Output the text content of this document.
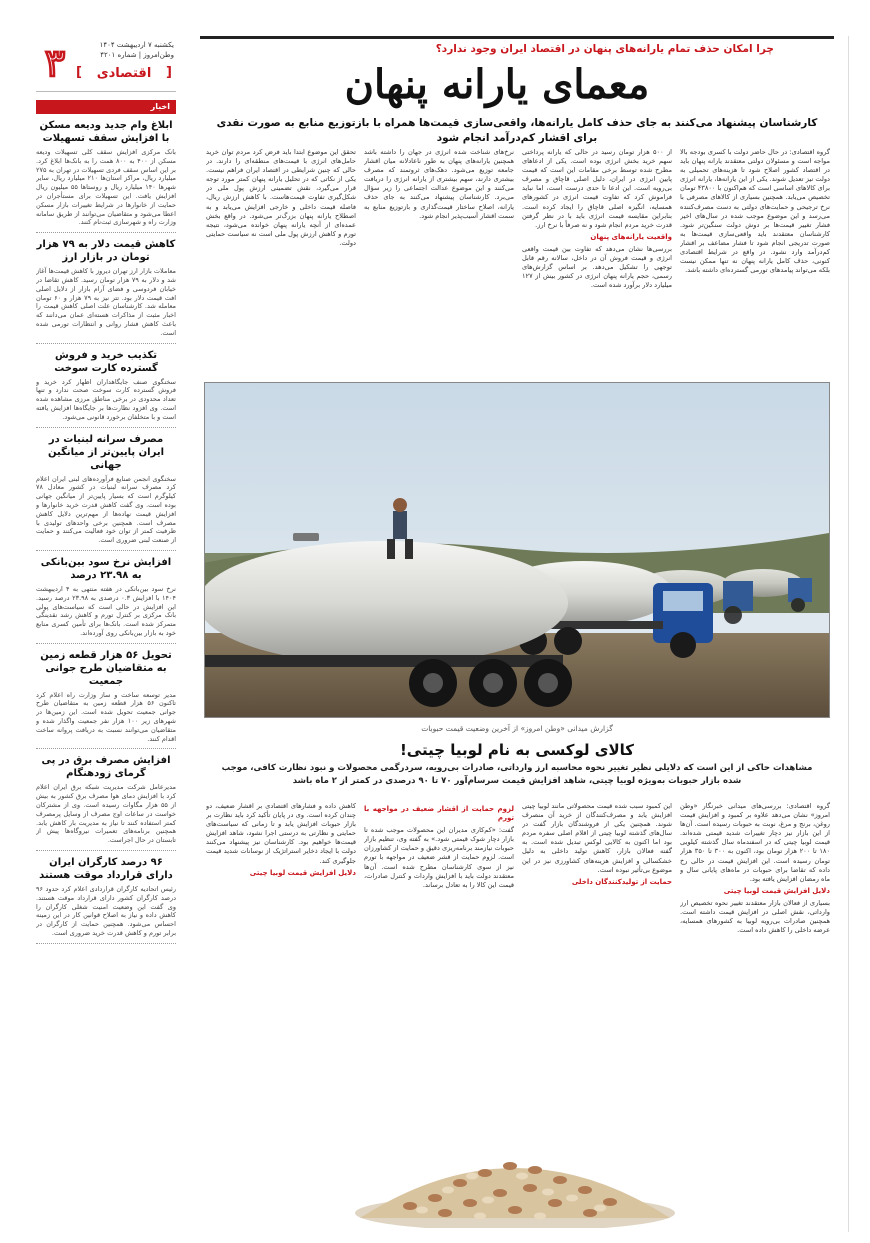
۳	یکشنبه ۷ اردیبهشت ۱۴۰۴
وطن‌امروز | شماره ۴۲۰۱
[ اقتصادی ]
اخبار
ابلاغ وام جدید ودیعه مسکن با افزایش سقف تسهیلات
بانک مرکزی افزایش سقف کلی تسهیلات ودیعه مسکن از ۴۰۰ به ۸۰۰ همت را به بانک‌ها ابلاغ کرد. بر این اساس سقف فردی تسهیلات در تهران به ۲۷۵ میلیارد ریال، مراکز استان‌ها ۲۱۰ میلیارد ریال، سایر شهرها ۱۴۰ میلیارد ریال و روستاها ۵۵ میلیون ریال افزایش یافت. این تسهیلات برای مستأجران در حمایت از خانوارها در شرایط تغییرات بازار مسکن اعطا می‌شود و متقاضیان می‌توانند از طریق سامانه وزارت راه و شهرسازی ثبت‌نام کنند.
کاهش قیمت دلار به ۷۹ هزار تومان در بازار ارز
معاملات بازار ارز تهران دیروز با کاهش قیمت‌ها آغاز شد و دلار به ۷۹ هزار تومان رسید. کاهش تقاضا در خیابان فردوسی و فضای آرام بازار از دلایل اصلی افت قیمت دلار بود. تتر نیز به ۷۹ هزار و ۶۰ تومان معامله شد. کارشناسان علت اصلی کاهش قیمت را اخبار مثبت از مذاکرات هسته‌ای عمان می‌دانند که باعث کاهش فشار روانی و انتظارات تورمی شده است.
تکذیب خرید و فروش گسترده کارت سوخت
سخنگوی صنف جایگاهداران اظهار کرد خرید و فروش گسترده کارت سوخت صحت ندارد و تنها تعداد محدودی در برخی مناطق مرزی مشاهده شده است. وی افزود نظارت‌ها بر جایگاه‌ها افزایش یافته است و با متخلفان برخورد قانونی می‌شود.
مصرف سرانه لبنیات در ایران پایین‌تر از میانگین جهانی
سخنگوی انجمن صنایع فرآورده‌های لبنی ایران اعلام کرد مصرف سرانه لبنیات در کشور معادل ۷۸ کیلوگرم است که بسیار پایین‌تر از میانگین جهانی بوده است. وی گفت کاهش قدرت خرید خانوارها و افزایش قیمت نهاده‌ها از مهم‌ترین دلایل کاهش مصرف است. همچنین برخی واحدهای تولیدی با ظرفیت کمتر از توان خود فعالیت می‌کنند و حمایت از صنعت لبنی ضروری است.
افزایش نرخ سود بین‌بانکی به ۲۳.۹۸ درصد
نرخ سود بین‌بانکی در هفته منتهی به ۴ اردیبهشت ۱۴۰۴ با افزایش ۰.۳ درصدی به ۲۳.۹۸ درصد رسید. این افزایش در حالی است که سیاست‌های پولی بانک مرکزی بر کنترل تورم و کاهش رشد نقدینگی متمرکز شده است. بانک‌ها برای تأمین کسری منابع خود به بازار بین‌بانکی روی آورده‌اند.
تحویل ۵۶ هزار قطعه زمین به متقاضیان طرح جوانی جمعیت
مدیر توسعه ساخت و ساز وزارت راه اعلام کرد تاکنون ۵۶ هزار قطعه زمین به متقاضیان طرح جوانی جمعیت تحویل شده است. این زمین‌ها در شهرهای زیر ۱۰۰ هزار نفر جمعیت واگذار شده و متقاضیان می‌توانند نسبت به دریافت پروانه ساخت اقدام کنند.
افزایش مصرف برق در پی گرمای زودهنگام
مدیرعامل شرکت مدیریت شبکه برق ایران اعلام کرد با افزایش دمای هوا مصرف برق کشور به بیش از ۵۵ هزار مگاوات رسیده است. وی از مشترکان خواست در ساعات اوج مصرف از وسایل پرمصرف کمتر استفاده کنند تا نیاز به مدیریت بار کاهش یابد. همچنین برنامه‌های تعمیرات نیروگاه‌ها پیش از تابستان در حال اجراست.
۹۶ درصد کارگران ایران دارای قرارداد موقت هستند
رئیس اتحادیه کارگران قراردادی اعلام کرد حدود ۹۶ درصد کارگران کشور دارای قرارداد موقت هستند. وی گفت این وضعیت امنیت شغلی کارگران را کاهش داده و نیاز به اصلاح قوانین کار در این زمینه احساس می‌شود. همچنین حمایت از کارگران در برابر تورم و کاهش قدرت خرید ضروری است.
چرا امکان حذف تمام یارانه‌های پنهان در اقتصاد ایران وجود ندارد؟
معمای یارانه پنهان
کارشناسان پیشنهاد می‌کنند به جای حذف کامل یارانه‌ها، واقعی‌سازی قیمت‌ها همراه با بازتوزیع منابع به صورت نقدی برای اقشار کم‌درآمد انجام شود
گروه اقتصادی: در حال حاضر دولت با کسری بودجه بالا مواجه است و مسئولان دولتی معتقدند یارانه پنهان باید در اقتصاد کشور اصلاح شود تا هزینه‌های تحمیلی به دولت نیز تعدیل شوند. یکی از این یارانه‌ها، یارانه انرژی برای کالاهای اساسی است که هم‌اکنون با ۴۳۸۰۰ تومان تخصیص می‌یابد. همچنین بسیاری از کالاهای مصرفی با نرخ ترجیحی و حمایت‌های دولتی به دست مصرف‌کننده می‌رسد و این موضوع موجب شده در سال‌های اخیر فشار تغییر قیمت‌ها بر دوش دولت سنگین‌تر شود. کارشناسان معتقدند باید واقعی‌سازی قیمت‌ها به صورت تدریجی انجام شود تا فشار مضاعف بر اقشار کم‌درآمد وارد نشود. در واقع در شرایط اقتصادی کنونی، حذف کامل یارانه پنهان نه تنها ممکن نیست بلکه می‌تواند پیامدهای تورمی گسترده‌ای داشته باشد.
از ۵۰۰ هزار تومان رسید در حالی که یارانه پرداختی سهم خرید بخش انرژی بوده است. یکی از ادعاهای مطرح شده توسط برخی مقامات این است که قیمت پایین انرژی در ایران، دلیل اصلی قاچاق و مصرف بی‌رویه است. این ادعا تا حدی درست است، اما نباید فراموش کرد که تفاوت قیمت انرژی در کشورهای همسایه، انگیزه اصلی قاچاق را ایجاد کرده است. بنابراین مقایسه قیمت انرژی باید با در نظر گرفتن قدرت خرید مردم انجام شود و نه صرفاً با نرخ ارز.
واقعیت یارانه‌های پنهان
بررسی‌ها نشان می‌دهد که تفاوت بین قیمت واقعی انرژی و قیمت فروش آن در داخل، سالانه رقم قابل توجهی را تشکیل می‌دهد. بر اساس گزارش‌های رسمی، حجم یارانه پنهان انرژی در کشور بیش از ۱۲۷ میلیارد دلار برآورد شده است.
نرخ‌های شناخت شده انرژی در جهان را داشته باشد همچنین یارانه‌های پنهان به طور ناعادلانه میان اقشار جامعه توزیع می‌شود. دهک‌های ثروتمند که مصرف بیشتری دارند، سهم بیشتری از یارانه انرژی را دریافت می‌کنند و این موضوع عدالت اجتماعی را زیر سؤال می‌برد. کارشناسان پیشنهاد می‌کنند به جای حذف یارانه، اصلاح ساختار قیمت‌گذاری و بازتوزیع منابع به سمت اقشار آسیب‌پذیر انجام شود.
تحقق این موضوع ابتدا باید فرض کرد مردم توان خرید حامل‌های انرژی با قیمت‌های منطقه‌ای را دارند. در حالی که چنین شرایطی در اقتصاد ایران فراهم نیست. یکی از نکاتی که در تحلیل یارانه پنهان کمتر مورد توجه قرار می‌گیرد، نقش تضمینی ارزش پول ملی در شکل‌گیری تفاوت قیمت‌هاست. با کاهش ارزش ریال، فاصله قیمت داخلی و خارجی افزایش می‌یابد و به اصطلاح یارانه پنهان بزرگ‌تر می‌شود. در واقع بخش عمده‌ای از آنچه یارانه پنهان خوانده می‌شود، نتیجه تورم و کاهش ارزش پول ملی است نه سیاست حمایتی دولت.
گزارش میدانی «وطن امروز» از آخرین وضعیت قیمت حبوبات
کالای لوکسی به نام لوبیا چیتی!
مشاهدات حاکی از این است که دلایلی نظیر تغییر نحوه محاسبه ارز وارداتی، صادرات بی‌رویه، سردرگمی محصولات و نبود نظارت کافی، موجب شده بازار حبوبات به‌ویژه لوبیا چیتی، شاهد افزایش قیمت سرسام‌آور ۷۰ تا ۹۰ درصدی در کمتر از ۲ ماه باشد
گروه اقتصادی: بررسی‌های میدانی خبرنگار «وطن امروز» نشان می‌دهد علاوه بر کمبود و افزایش قیمت روغن، برنج و مرغ، نوبت به حبوبات رسیده است. آن‌ها از این بازار نیز دچار تغییرات شدید قیمتی شده‌اند. قیمت لوبیا چیتی که در اسفندماه سال گذشته کیلویی ۱۸۰ تا ۲۰۰ هزار تومان بود، اکنون به ۳۰۰ تا ۳۵۰ هزار تومان رسیده است. این افزایش قیمت در حالی رخ داده که تقاضا برای حبوبات در ماه‌های پایانی سال و ماه رمضان افزایش یافته بود.
دلایل افزایش قیمت لوبیا چیتی
بسیاری از فعالان بازار معتقدند تغییر نحوه تخصیص ارز وارداتی، نقش اصلی در افزایش قیمت داشته است. همچنین صادرات بی‌رویه لوبیا به کشورهای همسایه، عرضه داخلی را کاهش داده است.
این کمبود سبب شده قیمت محصولاتی مانند لوبیا چیتی افزایش یابد و مصرف‌کنندگان از خرید آن منصرف شوند. همچنین یکی از فروشندگان بازار گفت در سال‌های گذشته لوبیا چیتی از اقلام اصلی سفره مردم بود اما اکنون به کالایی لوکس تبدیل شده است. به گفته فعالان بازار، کاهش تولید داخلی به دلیل خشکسالی و افزایش هزینه‌های کشاورزی نیز در این موضوع بی‌تأثیر نبوده است.
حمایت از تولیدکنندگان داخلی
لزوم حمایت از اقشار ضعیف در مواجهه با تورم
گفت: «کم‌کاری مدیران این محصولات موجب شده تا بازار دچار شوک قیمتی شود.» به گفته وی، تنظیم بازار حبوبات نیازمند برنامه‌ریزی دقیق و حمایت از کشاورزان است. لزوم حمایت از قشر ضعیف در مواجهه با تورم نیز از سوی کارشناسان مطرح شده است. آن‌ها معتقدند دولت باید با افزایش واردات و کنترل صادرات، قیمت این کالا را به تعادل برساند.
کاهش داده و فشارهای اقتصادی بر اقشار ضعیف، دو چندان کرده است. وی در پایان تأکید کرد باید نظارت بر بازار حبوبات افزایش یابد و تا زمانی که سیاست‌های حمایتی و نظارتی به درستی اجرا نشود، شاهد افزایش قیمت‌ها خواهیم بود. کارشناسان نیز پیشنهاد می‌کنند دولت با ایجاد ذخایر استراتژیک از نوسانات شدید قیمت جلوگیری کند.
دلایل افزایش قیمت لوبیا چیتی
